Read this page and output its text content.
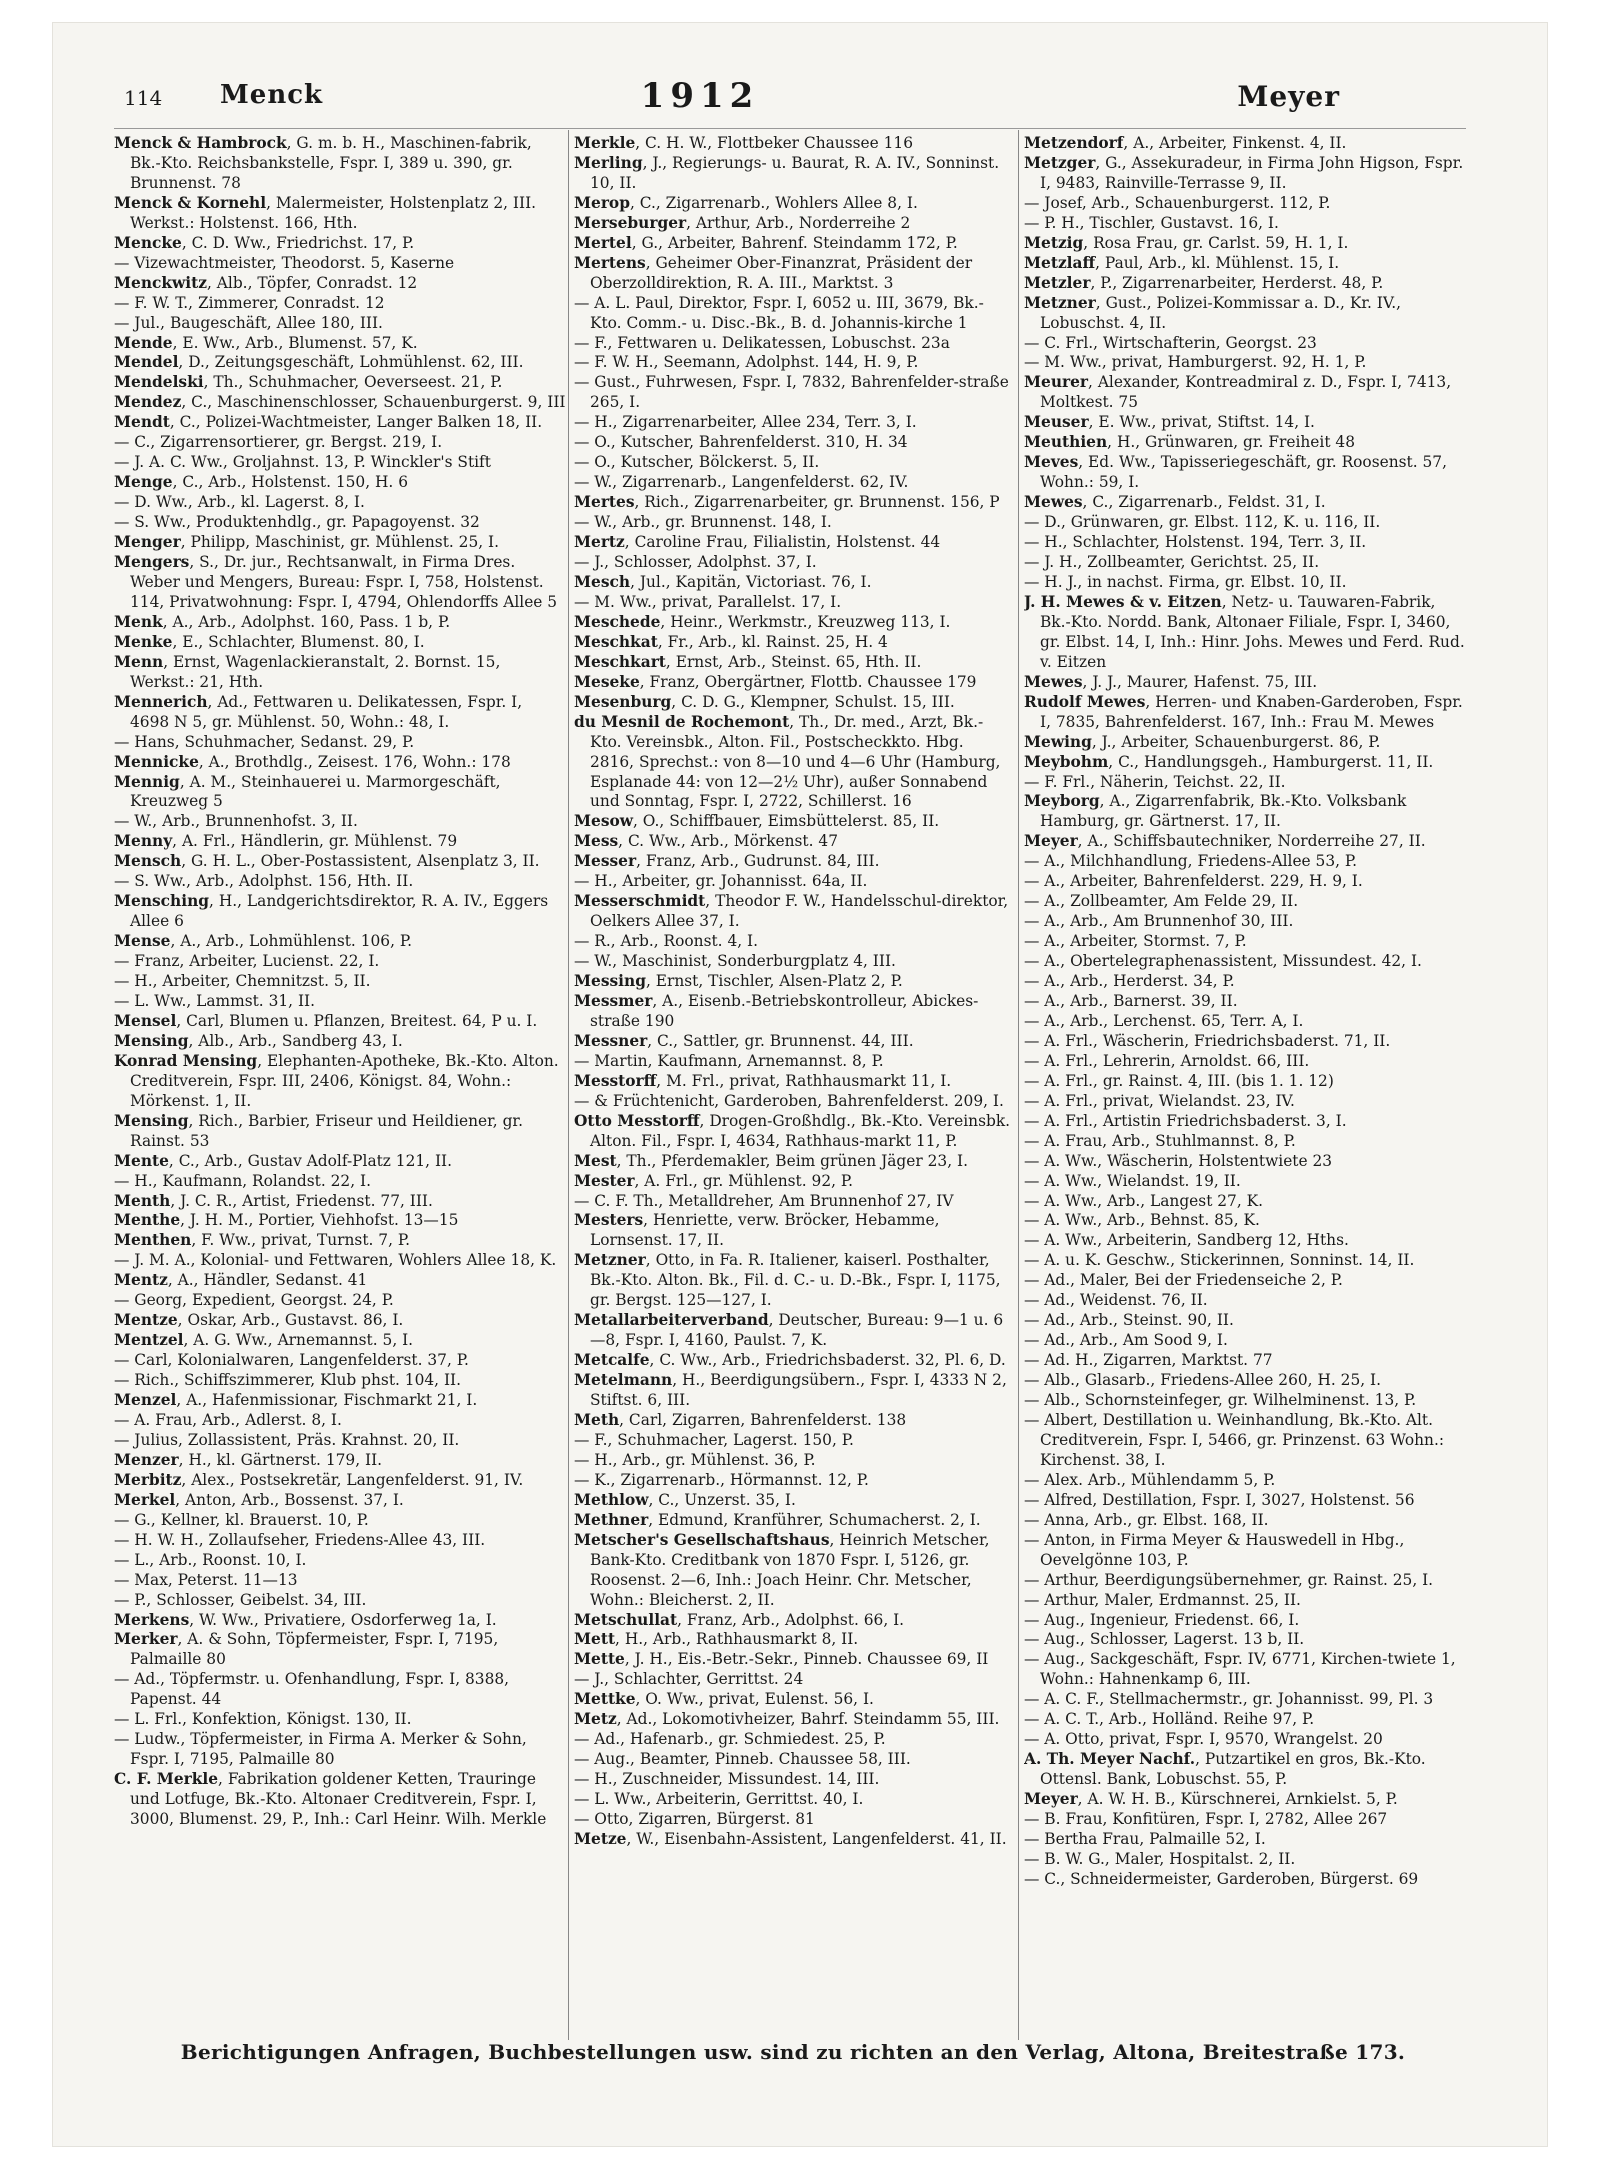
114 Menck	1912	Meyer
Menck & Hambrock, G. m. b. H., Maschinen-fabrik, Bk.-Kto. Reichsbankstelle, Fspr. I, 389 u. 390, gr. Brunnenst. 78
Menck & Kornehl, Malermeister, Holstenplatz 2, III. Werkst.: Holstenst. 166, Hth.
Mencke, C. D. Ww., Friedrichst. 17, P.
— Vizewachtmeister, Theodorst. 5, Kaserne
Menckwitz, Alb., Töpfer, Conradst. 12
— F. W. T., Zimmerer, Conradst. 12
— Jul., Baugeschäft, Allee 180, III.
Mende, E. Ww., Arb., Blumenst. 57, K.
Mendel, D., Zeitungsgeschäft, Lohmühlenst. 62, III.
Mendelski, Th., Schuhmacher, Oeverseest. 21, P.
Mendez, C., Maschinenschlosser, Schauenburgerst. 9, III
Mendt, C., Polizei-Wachtmeister, Langer Balken 18, II.
— C., Zigarrensortierer, gr. Bergst. 219, I.
— J. A. C. Ww., Groljahnst. 13, P. Winckler's Stift
Menge, C., Arb., Holstenst. 150, H. 6
— D. Ww., Arb., kl. Lagerst. 8, I.
— S. Ww., Produktenhdlg., gr. Papagoyenst. 32
Menger, Philipp, Maschinist, gr. Mühlenst. 25, I.
Mengers, S., Dr. jur., Rechtsanwalt, in Firma Dres. Weber und Mengers, Bureau: Fspr. I, 758, Holstenst. 114, Privatwohnung: Fspr. I, 4794, Ohlendorffs Allee 5
Menk, A., Arb., Adolphst. 160, Pass. 1 b, P.
Menke, E., Schlachter, Blumenst. 80, I.
Menn, Ernst, Wagenlackieranstalt, 2. Bornst. 15, Werkst.: 21, Hth.
Mennerich, Ad., Fettwaren u. Delikatessen, Fspr. I, 4698 N 5, gr. Mühlenst. 50, Wohn.: 48, I.
— Hans, Schuhmacher, Sedanst. 29, P.
Mennicke, A., Brothdlg., Zeisest. 176, Wohn.: 178
Mennig, A. M., Steinhauerei u. Marmorgeschäft, Kreuzweg 5
— W., Arb., Brunnenhofst. 3, II.
Menny, A. Frl., Händlerin, gr. Mühlenst. 79
Mensch, G. H. L., Ober-Postassistent, Alsenplatz 3, II.
— S. Ww., Arb., Adolphst. 156, Hth. II.
Mensching, H., Landgerichtsdirektor, R. A. IV., Eggers Allee 6
Mense, A., Arb., Lohmühlenst. 106, P.
— Franz, Arbeiter, Lucienst. 22, I.
— H., Arbeiter, Chemnitzst. 5, II.
— L. Ww., Lammst. 31, II.
Mensel, Carl, Blumen u. Pflanzen, Breitest. 64, P u. I.
Mensing, Alb., Arb., Sandberg 43, I.
Konrad Mensing, Elephanten-Apotheke, Bk.-Kto. Alton. Creditverein, Fspr. III, 2406, Königst. 84, Wohn.: Mörkenst. 1, II.
Mensing, Rich., Barbier, Friseur und Heildiener, gr. Rainst. 53
Mente, C., Arb., Gustav Adolf-Platz 121, II.
— H., Kaufmann, Rolandst. 22, I.
Menth, J. C. R., Artist, Friedenst. 77, III.
Menthe, J. H. M., Portier, Viehhofst. 13—15
Menthen, F. Ww., privat, Turnst. 7, P.
— J. M. A., Kolonial- und Fettwaren, Wohlers Allee 18, K.
Mentz, A., Händler, Sedanst. 41
— Georg, Expedient, Georgst. 24, P.
Mentze, Oskar, Arb., Gustavst. 86, I.
Mentzel, A. G. Ww., Arnemannst. 5, I.
— Carl, Kolonialwaren, Langenfelderst. 37, P.
— Rich., Schiffszimmerer, Klub phst. 104, II.
Menzel, A., Hafenmissionar, Fischmarkt 21, I.
— A. Frau, Arb., Adlerst. 8, I.
— Julius, Zollassistent, Präs. Krahnst. 20, II.
Menzer, H., kl. Gärtnerst. 179, II.
Merbitz, Alex., Postsekretär, Langenfelderst. 91, IV.
Merkel, Anton, Arb., Bossenst. 37, I.
— G., Kellner, kl. Brauerst. 10, P.
— H. W. H., Zollaufseher, Friedens-Allee 43, III.
— L., Arb., Roonst. 10, I.
— Max, Peterst. 11—13
— P., Schlosser, Geibelst. 34, III.
Merkens, W. Ww., Privatiere, Osdorferweg 1a, I.
Merker, A. & Sohn, Töpfermeister, Fspr. I, 7195, Palmaille 80
— Ad., Töpfermstr. u. Ofenhandlung, Fspr. I, 8388, Papenst. 44
— L. Frl., Konfektion, Königst. 130, II.
— Ludw., Töpfermeister, in Firma A. Merker & Sohn, Fspr. I, 7195, Palmaille 80
C. F. Merkle, Fabrikation goldener Ketten, Trauringe und Lotfuge, Bk.-Kto. Altonaer Creditverein, Fspr. I, 3000, Blumenst. 29, P., Inh.: Carl Heinr. Wilh. Merkle
Merkle, C. H. W., Flottbeker Chaussee 116
Merling, J., Regierungs- u. Baurat, R. A. IV., Sonninst. 10, II.
Merop, C., Zigarrenarb., Wohlers Allee 8, I.
Merseburger, Arthur, Arb., Norderreihe 2
Mertel, G., Arbeiter, Bahrenf. Steindamm 172, P.
Mertens, Geheimer Ober-Finanzrat, Präsident der Oberzolldirektion, R. A. III., Marktst. 3
— A. L. Paul, Direktor, Fspr. I, 6052 u. III, 3679, Bk.-Kto. Comm.- u. Disc.-Bk., B. d. Johannis-kirche 1
— F., Fettwaren u. Delikatessen, Lobuschst. 23a
— F. W. H., Seemann, Adolphst. 144, H. 9, P.
— Gust., Fuhrwesen, Fspr. I, 7832, Bahrenfelder-straße 265, I.
— H., Zigarrenarbeiter, Allee 234, Terr. 3, I.
— O., Kutscher, Bahrenfelderst. 310, H. 34
— O., Kutscher, Bölckerst. 5, II.
— W., Zigarrenarb., Langenfelderst. 62, IV.
Mertes, Rich., Zigarrenarbeiter, gr. Brunnenst. 156, P
— W., Arb., gr. Brunnenst. 148, I.
Mertz, Caroline Frau, Filialistin, Holstenst. 44
— J., Schlosser, Adolphst. 37, I.
Mesch, Jul., Kapitän, Victoriast. 76, I.
— M. Ww., privat, Parallelst. 17, I.
Meschede, Heinr., Werkmstr., Kreuzweg 113, I.
Meschkat, Fr., Arb., kl. Rainst. 25, H. 4
Meschkart, Ernst, Arb., Steinst. 65, Hth. II.
Meseke, Franz, Obergärtner, Flottb. Chaussee 179
Mesenburg, C. D. G., Klempner, Schulst. 15, III.
du Mesnil de Rochemont, Th., Dr. med., Arzt, Bk.-Kto. Vereinsbk., Alton. Fil., Postscheckkto. Hbg. 2816, Sprechst.: von 8—10 und 4—6 Uhr (Hamburg, Esplanade 44: von 12—2½ Uhr), außer Sonnabend und Sonntag, Fspr. I, 2722, Schillerst. 16
Mesow, O., Schiffbauer, Eimsbüttelerst. 85, II.
Mess, C. Ww., Arb., Mörkenst. 47
Messer, Franz, Arb., Gudrunst. 84, III.
— H., Arbeiter, gr. Johannisst. 64a, II.
Messerschmidt, Theodor F. W., Handelsschul-direktor, Oelkers Allee 37, I.
— R., Arb., Roonst. 4, I.
— W., Maschinist, Sonderburgplatz 4, III.
Messing, Ernst, Tischler, Alsen-Platz 2, P.
Messmer, A., Eisenb.-Betriebskontrolleur, Abickes-straße 190
Messner, C., Sattler, gr. Brunnenst. 44, III.
— Martin, Kaufmann, Arnemannst. 8, P.
Messtorff, M. Frl., privat, Rathhausmarkt 11, I.
— & Früchtenicht, Garderoben, Bahrenfelderst. 209, I.
Otto Messtorff, Drogen-Großhdlg., Bk.-Kto. Vereinsbk. Alton. Fil., Fspr. I, 4634, Rathhaus-markt 11, P.
Mest, Th., Pferdemakler, Beim grünen Jäger 23, I.
Mester, A. Frl., gr. Mühlenst. 92, P.
— C. F. Th., Metalldreher, Am Brunnenhof 27, IV
Mesters, Henriette, verw. Bröcker, Hebamme, Lornsenst. 17, II.
Metzner, Otto, in Fa. R. Italiener, kaiserl. Posthalter, Bk.-Kto. Alton. Bk., Fil. d. C.- u. D.-Bk., Fspr. I, 1175, gr. Bergst. 125—127, I.
Metallarbeiterverband, Deutscher, Bureau: 9—1 u. 6—8, Fspr. I, 4160, Paulst. 7, K.
Metcalfe, C. Ww., Arb., Friedrichsbaderst. 32, Pl. 6, D.
Metelmann, H., Beerdigungsübern., Fspr. I, 4333 N 2, Stiftst. 6, III.
Meth, Carl, Zigarren, Bahrenfelderst. 138
— F., Schuhmacher, Lagerst. 150, P.
— H., Arb., gr. Mühlenst. 36, P.
— K., Zigarrenarb., Hörmannst. 12, P.
Methlow, C., Unzerst. 35, I.
Methner, Edmund, Kranführer, Schumacherst. 2, I.
Metscher's Gesellschaftshaus, Heinrich Metscher, Bank-Kto. Creditbank von 1870 Fspr. I, 5126, gr. Roosenst. 2—6, Inh.: Joach Heinr. Chr. Metscher, Wohn.: Bleicherst. 2, II.
Metschullat, Franz, Arb., Adolphst. 66, I.
Mett, H., Arb., Rathhausmarkt 8, II.
Mette, J. H., Eis.-Betr.-Sekr., Pinneb. Chaussee 69, II
— J., Schlachter, Gerrittst. 24
Mettke, O. Ww., privat, Eulenst. 56, I.
Metz, Ad., Lokomotivheizer, Bahrf. Steindamm 55, III.
— Ad., Hafenarb., gr. Schmiedest. 25, P.
— Aug., Beamter, Pinneb. Chaussee 58, III.
— H., Zuschneider, Missundest. 14, III.
— L. Ww., Arbeiterin, Gerrittst. 40, I.
— Otto, Zigarren, Bürgerst. 81
Metze, W., Eisenbahn-Assistent, Langenfelderst. 41, II.
Metzendorf, A., Arbeiter, Finkenst. 4, II.
Metzger, G., Assekuradeur, in Firma John Higson, Fspr. I, 9483, Rainville-Terrasse 9, II.
— Josef, Arb., Schauenburgerst. 112, P.
— P. H., Tischler, Gustavst. 16, I.
Metzig, Rosa Frau, gr. Carlst. 59, H. 1, I.
Metzlaff, Paul, Arb., kl. Mühlenst. 15, I.
Metzler, P., Zigarrenarbeiter, Herderst. 48, P.
Metzner, Gust., Polizei-Kommissar a. D., Kr. IV., Lobuschst. 4, II.
— C. Frl., Wirtschafterin, Georgst. 23
— M. Ww., privat, Hamburgerst. 92, H. 1, P.
Meurer, Alexander, Kontreadmiral z. D., Fspr. I, 7413, Moltkest. 75
Meuser, E. Ww., privat, Stiftst. 14, I.
Meuthien, H., Grünwaren, gr. Freiheit 48
Meves, Ed. Ww., Tapisseriegeschäft, gr. Roosenst. 57, Wohn.: 59, I.
Mewes, C., Zigarrenarb., Feldst. 31, I.
— D., Grünwaren, gr. Elbst. 112, K. u. 116, II.
— H., Schlachter, Holstenst. 194, Terr. 3, II.
— J. H., Zollbeamter, Gerichtst. 25, II.
— H. J., in nachst. Firma, gr. Elbst. 10, II.
J. H. Mewes & v. Eitzen, Netz- u. Tauwaren-Fabrik, Bk.-Kto. Nordd. Bank, Altonaer Filiale, Fspr. I, 3460, gr. Elbst. 14, I, Inh.: Hinr. Johs. Mewes und Ferd. Rud. v. Eitzen
Mewes, J. J., Maurer, Hafenst. 75, III.
Rudolf Mewes, Herren- und Knaben-Garderoben, Fspr. I, 7835, Bahrenfelderst. 167, Inh.: Frau M. Mewes
Mewing, J., Arbeiter, Schauenburgerst. 86, P.
Meybohm, C., Handlungsgeh., Hamburgerst. 11, II.
— F. Frl., Näherin, Teichst. 22, II.
Meyborg, A., Zigarrenfabrik, Bk.-Kto. Volksbank Hamburg, gr. Gärtnerst. 17, II.
Meyer, A., Schiffsbautechniker, Norderreihe 27, II.
— A., Milchhandlung, Friedens-Allee 53, P.
— A., Arbeiter, Bahrenfelderst. 229, H. 9, I.
— A., Zollbeamter, Am Felde 29, II.
— A., Arb., Am Brunnenhof 30, III.
— A., Arbeiter, Stormst. 7, P.
— A., Obertelegraphenassistent, Missundest. 42, I.
— A., Arb., Herderst. 34, P.
— A., Arb., Barnerst. 39, II.
— A., Arb., Lerchenst. 65, Terr. A, I.
— A. Frl., Wäscherin, Friedrichsbaderst. 71, II.
— A. Frl., Lehrerin, Arnoldst. 66, III.
— A. Frl., gr. Rainst. 4, III. (bis 1. 1. 12)
— A. Frl., privat, Wielandst. 23, IV.
— A. Frl., Artistin Friedrichsbaderst. 3, I.
— A. Frau, Arb., Stuhlmannst. 8, P.
— A. Ww., Wäscherin, Holstentwiete 23
— A. Ww., Wielandst. 19, II.
— A. Ww., Arb., Langest 27, K.
— A. Ww., Arb., Behnst. 85, K.
— A. Ww., Arbeiterin, Sandberg 12, Hths.
— A. u. K. Geschw., Stickerinnen, Sonninst. 14, II.
— Ad., Maler, Bei der Friedenseiche 2, P.
— Ad., Weidenst. 76, II.
— Ad., Arb., Steinst. 90, II.
— Ad., Arb., Am Sood 9, I.
— Ad. H., Zigarren, Marktst. 77
— Alb., Glasarb., Friedens-Allee 260, H. 25, I.
— Alb., Schornsteinfeger, gr. Wilhelminenst. 13, P.
— Albert, Destillation u. Weinhandlung, Bk.-Kto. Alt. Creditverein, Fspr. I, 5466, gr. Prinzenst. 63 Wohn.: Kirchenst. 38, I.
— Alex. Arb., Mühlendamm 5, P.
— Alfred, Destillation, Fspr. I, 3027, Holstenst. 56
— Anna, Arb., gr. Elbst. 168, II.
— Anton, in Firma Meyer & Hauswedell in Hbg., Oevelgönne 103, P.
— Arthur, Beerdigungsübernehmer, gr. Rainst. 25, I.
— Arthur, Maler, Erdmannst. 25, II.
— Aug., Ingenieur, Friedenst. 66, I.
— Aug., Schlosser, Lagerst. 13 b, II.
— Aug., Sackgeschäft, Fspr. IV, 6771, Kirchen-twiete 1, Wohn.: Hahnenkamp 6, III.
— A. C. F., Stellmachermstr., gr. Johannisst. 99, Pl. 3
— A. C. T., Arb., Holländ. Reihe 97, P.
— A. Otto, privat, Fspr. I, 9570, Wrangelst. 20
A. Th. Meyer Nachf., Putzartikel en gros, Bk.-Kto. Ottensl. Bank, Lobuschst. 55, P.
Meyer, A. W. H. B., Kürschnerei, Arnkielst. 5, P.
— B. Frau, Konfitüren, Fspr. I, 2782, Allee 267
— Bertha Frau, Palmaille 52, I.
— B. W. G., Maler, Hospitalst. 2, II.
— C., Schneidermeister, Garderoben, Bürgerst. 69
Berichtigungen Anfragen, Buchbestellungen usw. sind zu richten an den Verlag, Altona, Breitestraße 173.
